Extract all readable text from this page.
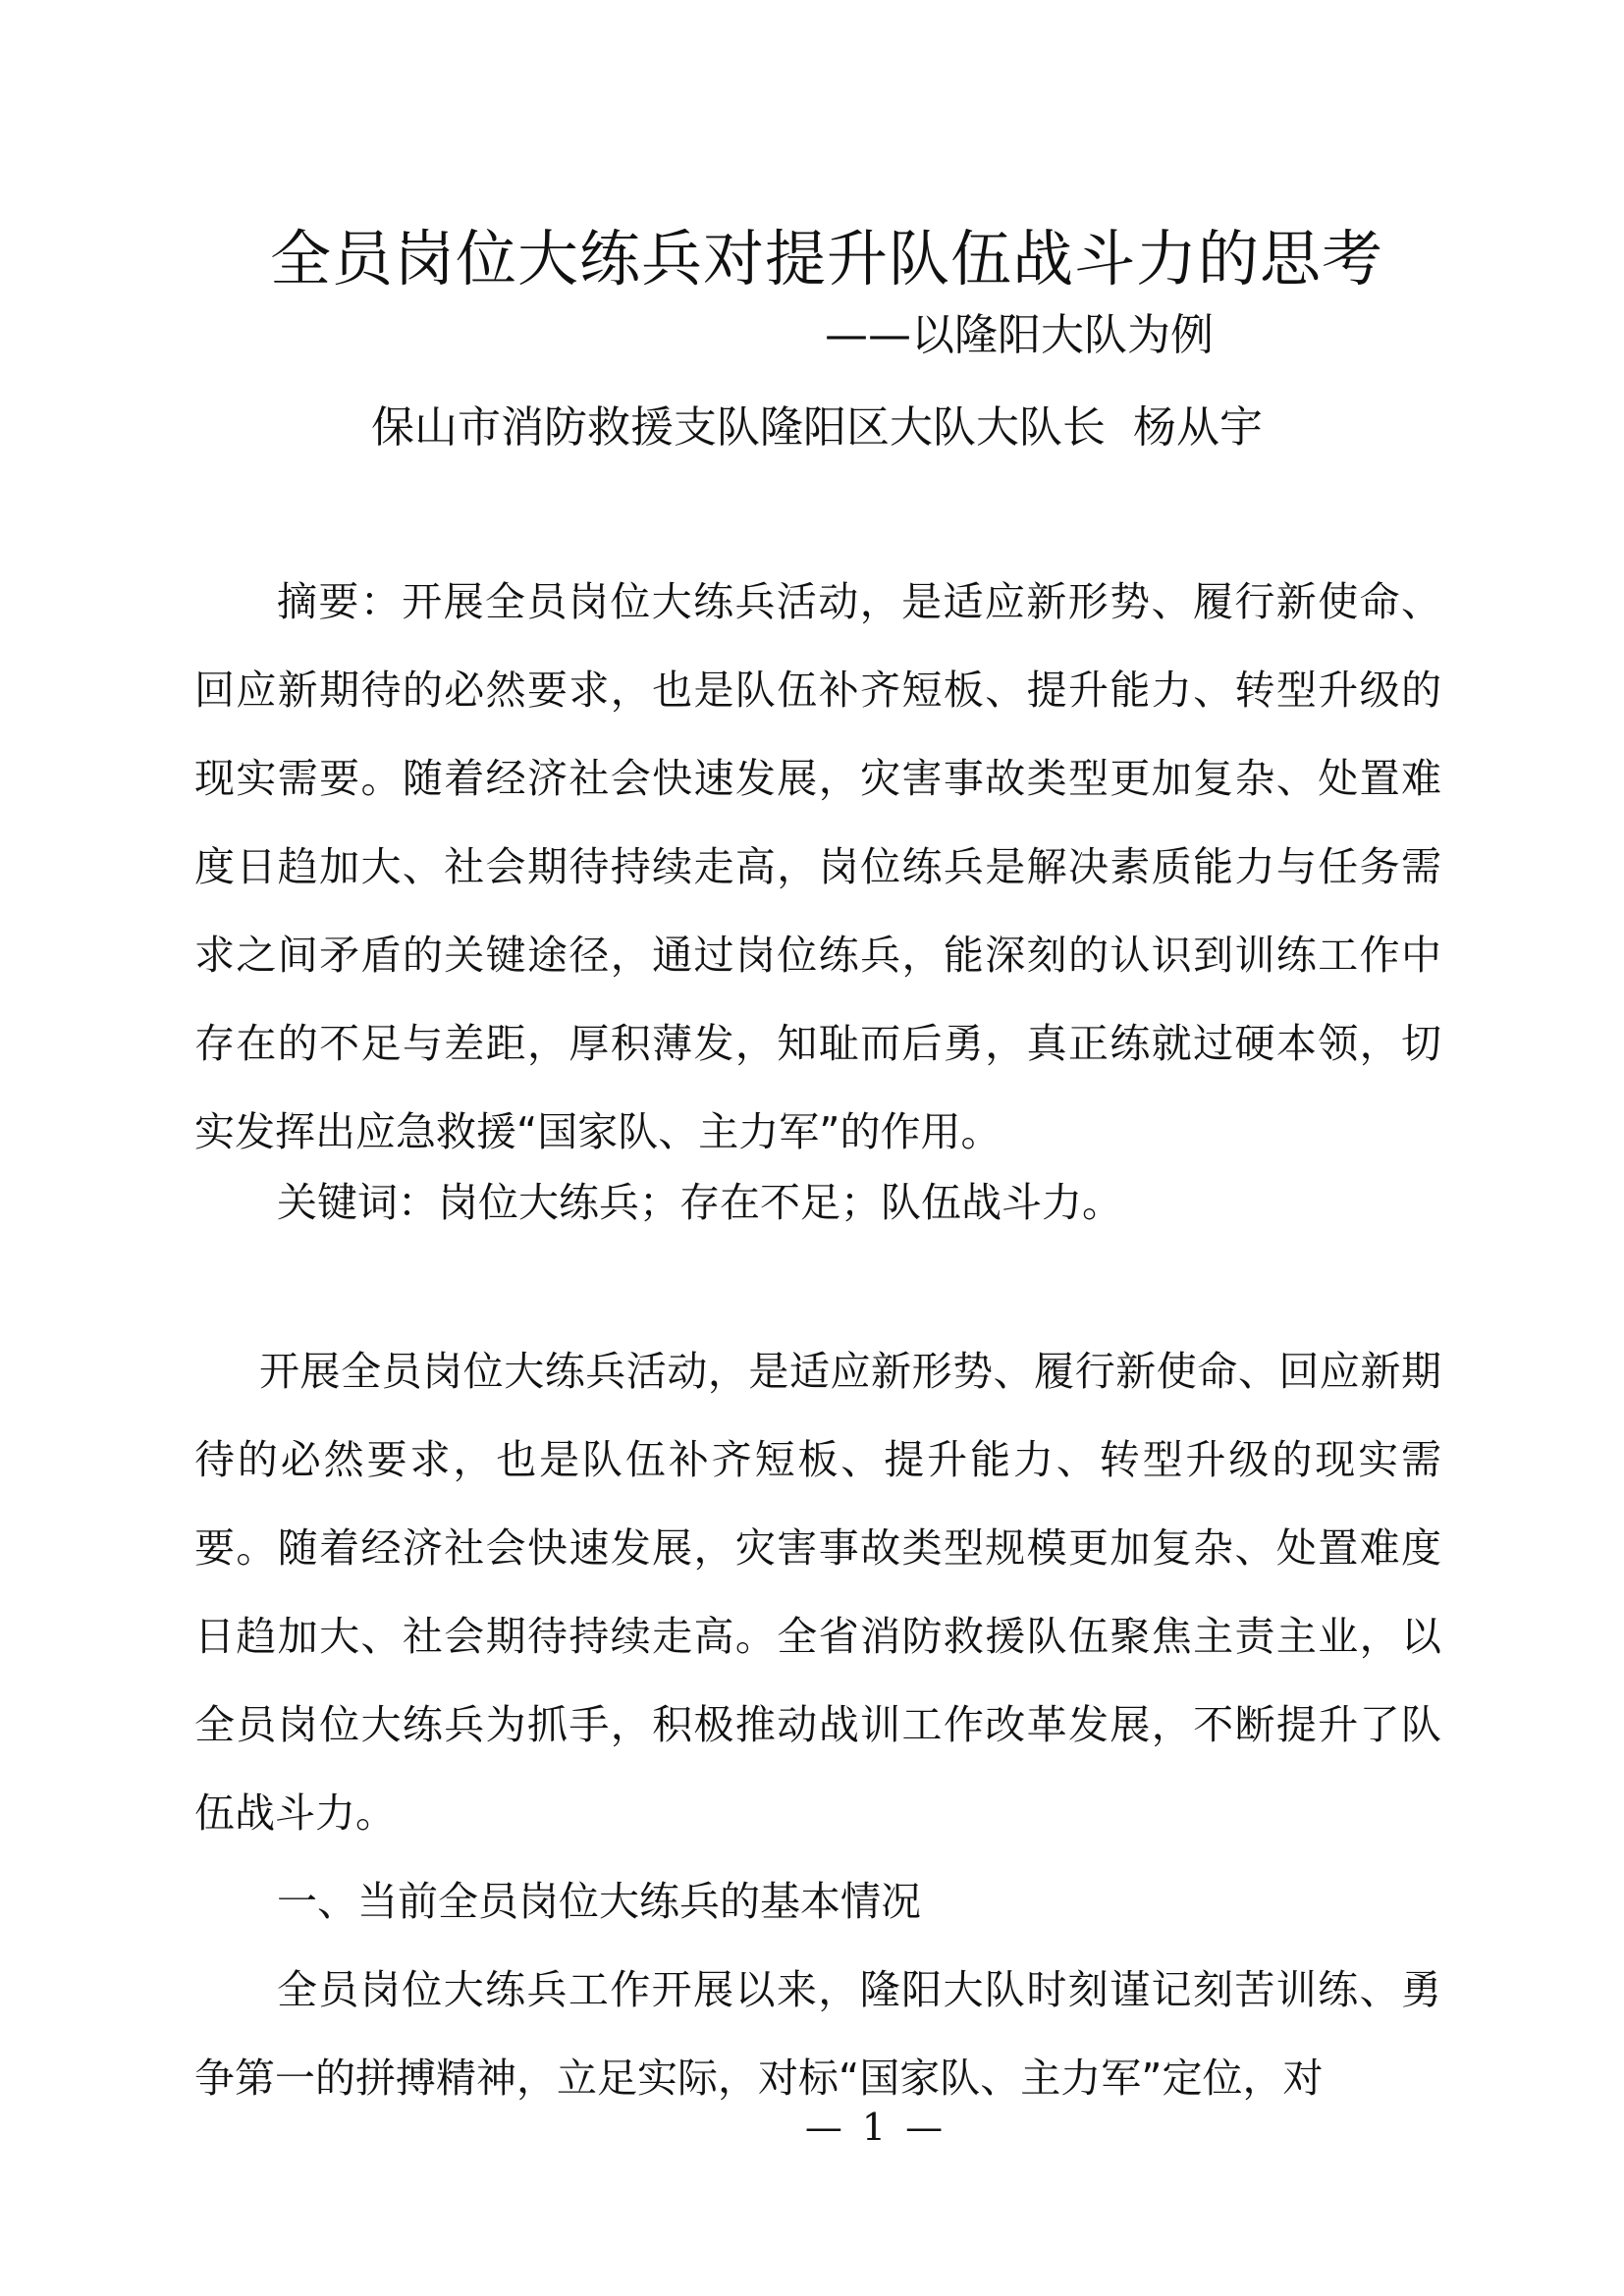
全员岗位大练兵对提升队伍战斗力的思考
——以隆阳大队为例
保山市消防救援支队隆阳区大队大队长  杨从宇

摘要：开展全员岗位大练兵活动，是适应新形势、履行新使命、回应新期待的必然要求，也是队伍补齐短板、提升能力、转型升级的现实需要。随着经济社会快速发展，灾害事故类型更加复杂、处置难度日趋加大、社会期待持续走高，岗位练兵是解决素质能力与任务需求之间矛盾的关键途径，通过岗位练兵，能深刻的认识到训练工作中存在的不足与差距，厚积薄发，知耻而后勇，真正练就过硬本领，切实发挥出应急救援“国家队、主力军”的作用。

关键词：岗位大练兵；存在不足；队伍战斗力。

开展全员岗位大练兵活动，是适应新形势、履行新使命、回应新期待的必然要求，也是队伍补齐短板、提升能力、转型升级的现实需要。随着经济社会快速发展，灾害事故类型规模更加复杂、处置难度日趋加大、社会期待持续走高。全省消防救援队伍聚焦主责主业，以全员岗位大练兵为抓手，积极推动战训工作改革发展，不断提升了队伍战斗力。

一、当前全员岗位大练兵的基本情况

全员岗位大练兵工作开展以来，隆阳大队时刻谨记刻苦训练、勇争第一的拼搏精神，立足实际，对标“国家队、主力军”定位，对

— 1 —
